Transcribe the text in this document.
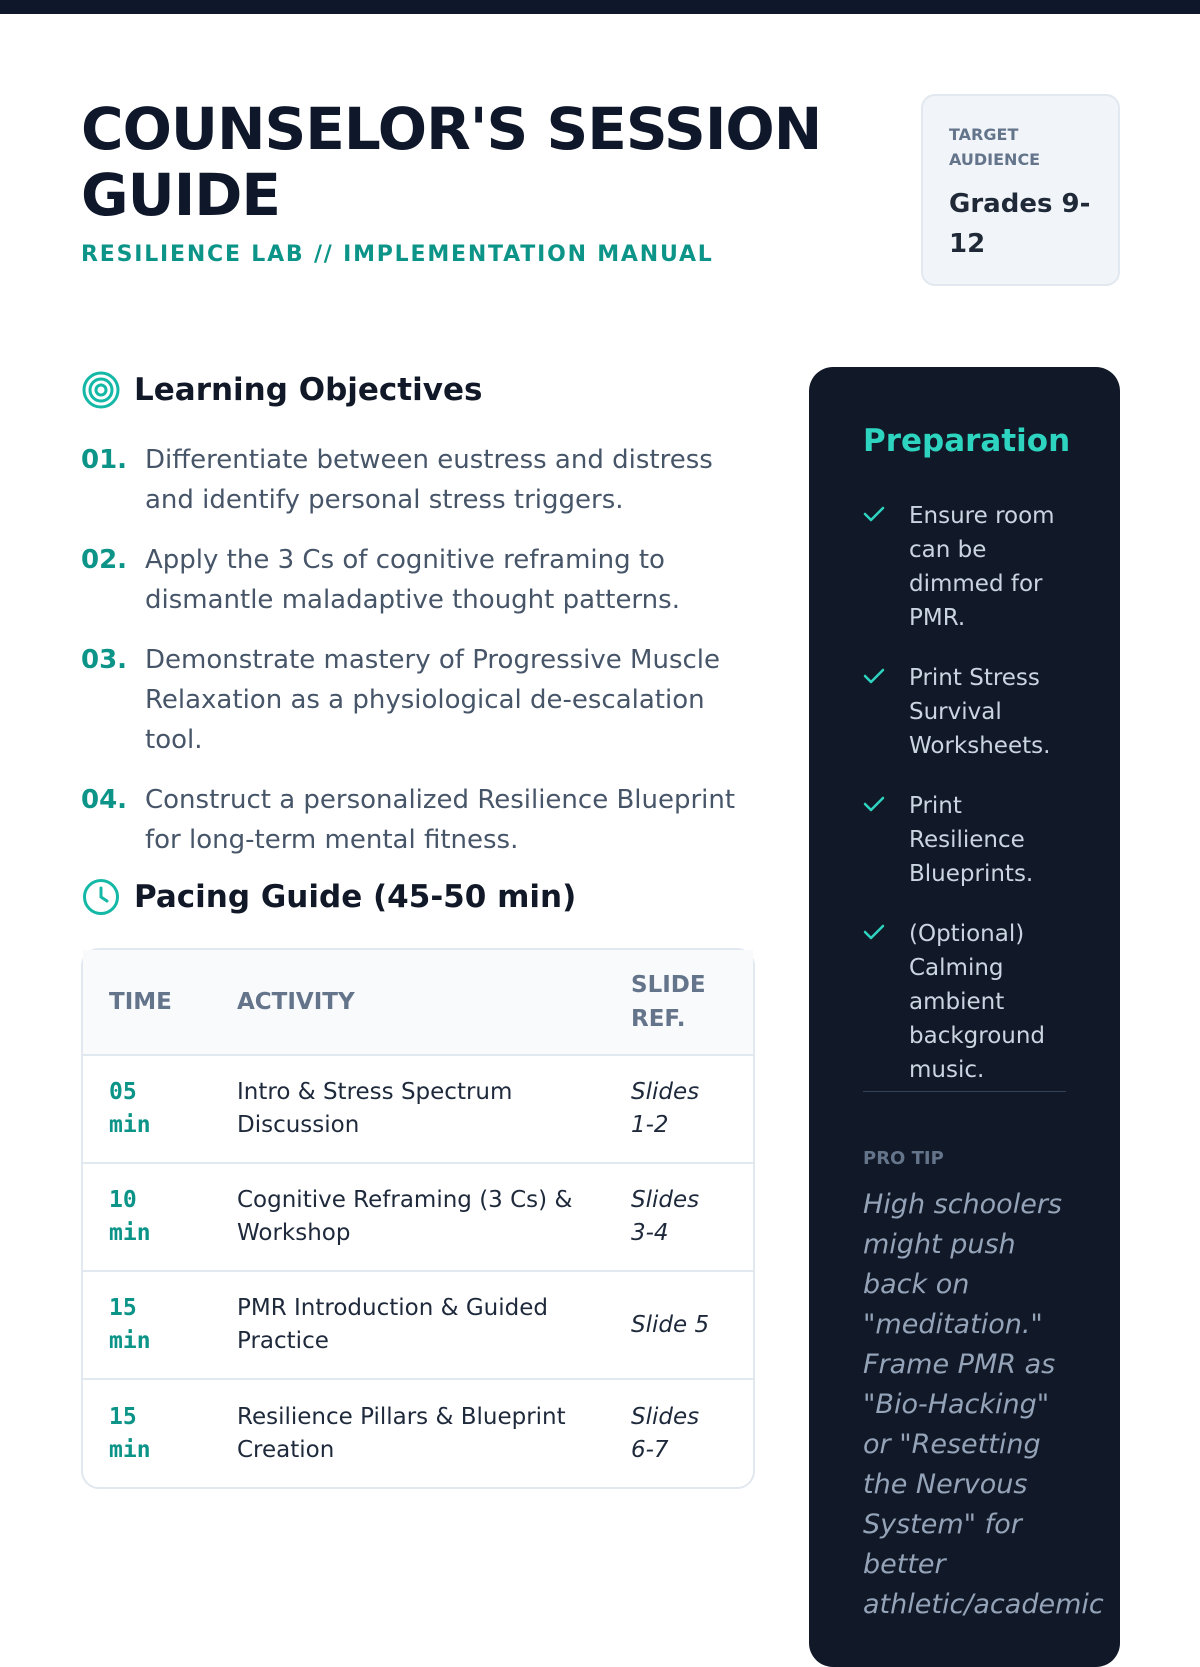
COUNSELOR'S SESSION GUIDE
RESILIENCE LAB // IMPLEMENTATION MANUAL
TARGET AUDIENCE
Grades 9-12
Learning Objectives
01. Differentiate between eustress and distress and identify personal stress triggers.
02. Apply the 3 Cs of cognitive reframing to dismantle maladaptive thought patterns.
03. Demonstrate mastery of Progressive Muscle Relaxation as a physiological de-escalation tool.
04. Construct a personalized Resilience Blueprint for long-term mental fitness.
Pacing Guide (45-50 min)
TIME	ACTIVITY	SLIDE REF.
05 min	Intro & Stress Spectrum Discussion	Slides 1-2
10 min	Cognitive Reframing (3 Cs) & Workshop	Slides 3-4
15 min	PMR Introduction & Guided Practice	Slide 5
15 min	Resilience Pillars & Blueprint Creation	Slides 6-7
Preparation
Ensure room can be dimmed for PMR.
Print Stress Survival Worksheets.
Print Resilience Blueprints.
(Optional) Calming ambient background music.
PRO TIP
High schoolers might push back on "meditation." Frame PMR as "Bio-Hacking" or "Resetting the Nervous System" for better athletic/academic
